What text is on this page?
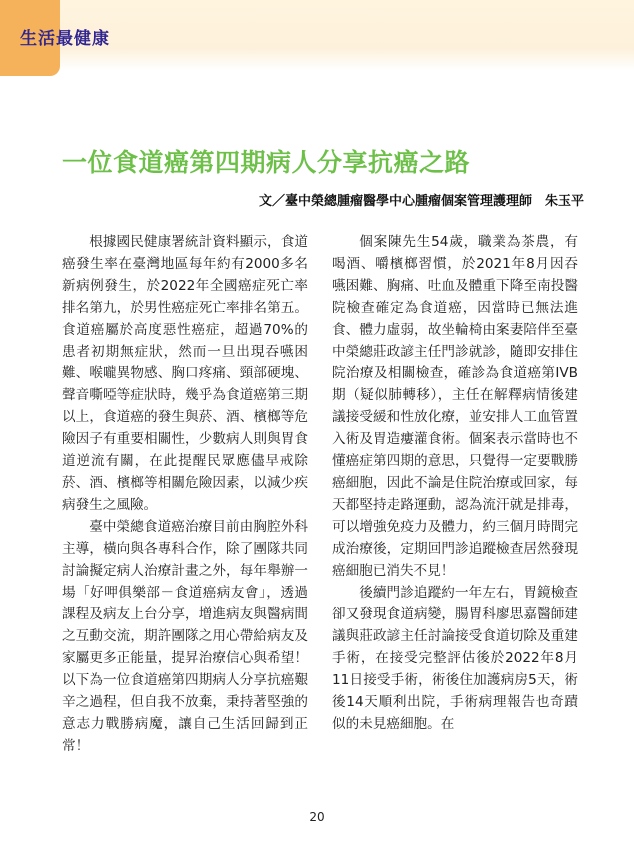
生活最健康
一位食道癌第四期病人分享抗癌之路
文／臺中榮總腫瘤醫學中心腫瘤個案管理護理師　朱玉平

根據國民健康署統計資料顯示，食道癌發生率在臺灣地區每年約有2000多名新病例發生，於2022年全國癌症死亡率排名第九，於男性癌症死亡率排名第五。食道癌屬於高度惡性癌症，超過70%的患者初期無症狀，然而一旦出現吞嚥困難、喉嚨異物感、胸口疼痛、頸部硬塊、聲音嘶啞等症狀時，幾乎為食道癌第三期以上，食道癌的發生與菸、酒、檳榔等危險因子有重要相關性，少數病人則與胃食道逆流有關，在此提醒民眾應儘早戒除菸、酒、檳榔等相關危險因素，以減少疾病發生之風險。

臺中榮總食道癌治療目前由胸腔外科主導，橫向與各專科合作，除了團隊共同討論擬定病人治療計畫之外，每年舉辦一場「好呷俱樂部－食道癌病友會」，透過課程及病友上台分享，增進病友與醫病間之互動交流，期許團隊之用心帶給病友及家屬更多正能量，提昇治療信心與希望！以下為一位食道癌第四期病人分享抗癌艱辛之過程，但自我不放棄，秉持著堅強的意志力戰勝病魔，讓自己生活回歸到正常！

個案陳先生54歲，職業為茶農，有喝酒、嚼檳榔習慣，於2021年8月因吞嚥困難、胸痛、吐血及體重下降至南投醫院檢查確定為食道癌，因當時已無法進食、體力虛弱，故坐輪椅由案妻陪伴至臺中榮總莊政諺主任門診就診，隨即安排住院治療及相關檢查，確診為食道癌第IVB期（疑似肺轉移），主任在解釋病情後建議接受緩和性放化療，並安排人工血管置入術及胃造瘻灌食術。個案表示當時也不懂癌症第四期的意思，只覺得一定要戰勝癌細胞，因此不論是住院治療或回家，每天都堅持走路運動，認為流汗就是排毒，可以增強免疫力及體力，約三個月時間完成治療後，定期回門診追蹤檢查居然發現癌細胞已消失不見！

後續門診追蹤約一年左右，胃鏡檢查卻又發現食道病變，腸胃科廖思嘉醫師建議與莊政諺主任討論接受食道切除及重建手術，在接受完整評估後於2022年8月11日接受手術，術後住加護病房5天，術後14天順利出院，手術病理報告也奇蹟似的未見癌細胞。在

20
